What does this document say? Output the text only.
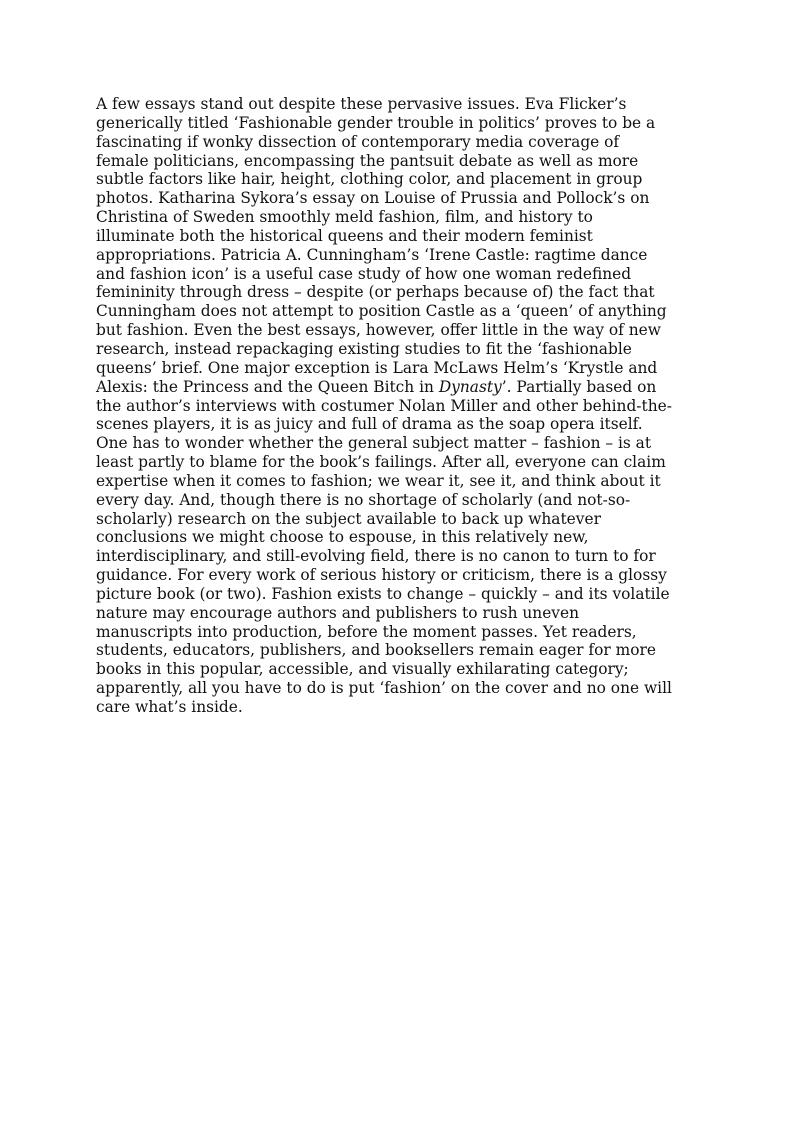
A few essays stand out despite these pervasive issues. Eva Flicker’s
generically titled ‘Fashionable gender trouble in politics’ proves to be a
fascinating if wonky dissection of contemporary media coverage of
female politicians, encompassing the pantsuit debate as well as more
subtle factors like hair, height, clothing color, and placement in group
photos. Katharina Sykora’s essay on Louise of Prussia and Pollock’s on
Christina of Sweden smoothly meld fashion, film, and history to
illuminate both the historical queens and their modern feminist
appropriations. Patricia A. Cunningham’s ‘Irene Castle: ragtime dance
and fashion icon’ is a useful case study of how one woman redefined
femininity through dress – despite (or perhaps because of) the fact that
Cunningham does not attempt to position Castle as a ‘queen’ of anything
but fashion. Even the best essays, however, offer little in the way of new
research, instead repackaging existing studies to fit the ‘fashionable
queens’ brief. One major exception is Lara McLaws Helm’s ‘Krystle and
Alexis: the Princess and the Queen Bitch in Dynasty’. Partially based on
the author’s interviews with costumer Nolan Miller and other behind-the-
scenes players, it is as juicy and full of drama as the soap opera itself.
One has to wonder whether the general subject matter – fashion – is at
least partly to blame for the book’s failings. After all, everyone can claim
expertise when it comes to fashion; we wear it, see it, and think about it
every day. And, though there is no shortage of scholarly (and not-so-
scholarly) research on the subject available to back up whatever
conclusions we might choose to espouse, in this relatively new,
interdisciplinary, and still-evolving field, there is no canon to turn to for
guidance. For every work of serious history or criticism, there is a glossy
picture book (or two). Fashion exists to change – quickly – and its volatile
nature may encourage authors and publishers to rush uneven
manuscripts into production, before the moment passes. Yet readers,
students, educators, publishers, and booksellers remain eager for more
books in this popular, accessible, and visually exhilarating category;
apparently, all you have to do is put ‘fashion’ on the cover and no one will
care what’s inside.
